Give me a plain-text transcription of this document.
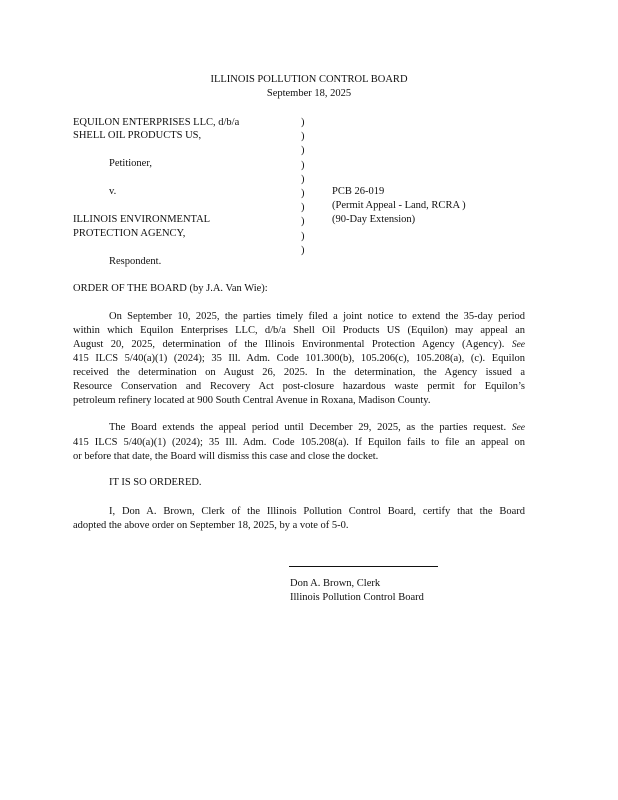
ILLINOIS POLLUTION CONTROL BOARD
September 18, 2025
EQUILON ENTERPRISES LLC, d/b/a
SHELL OIL PRODUCTS US,
Petitioner,
v.
ILLINOIS ENVIRONMENTAL
PROTECTION AGENCY,
Respondent.
)
)
)
)
)
)
)
)
)
)
PCB 26-019
(Permit Appeal - Land, RCRA )
(90-Day Extension)
ORDER OF THE BOARD (by J.A. Van Wie):
On September 10, 2025, the parties timely filed a joint notice to extend the 35-day period
within which Equilon Enterprises LLC, d/b/a Shell Oil Products US (Equilon) may appeal an
August 20, 2025, determination of the Illinois Environmental Protection Agency (Agency). See
415 ILCS 5/40(a)(1) (2024); 35 Ill. Adm. Code 101.300(b), 105.206(c), 105.208(a), (c). Equilon
received the determination on August 26, 2025. In the determination, the Agency issued a
Resource Conservation and Recovery Act post-closure hazardous waste permit for Equilon’s
petroleum refinery located at 900 South Central Avenue in Roxana, Madison County.
The Board extends the appeal period until December 29, 2025, as the parties request. See
415 ILCS 5/40(a)(1) (2024); 35 Ill. Adm. Code 105.208(a). If Equilon fails to file an appeal on
or before that date, the Board will dismiss this case and close the docket.
IT IS SO ORDERED.
I, Don A. Brown, Clerk of the Illinois Pollution Control Board, certify that the Board
adopted the above order on September 18, 2025, by a vote of 5-0.
Don A. Brown, Clerk
Illinois Pollution Control Board
